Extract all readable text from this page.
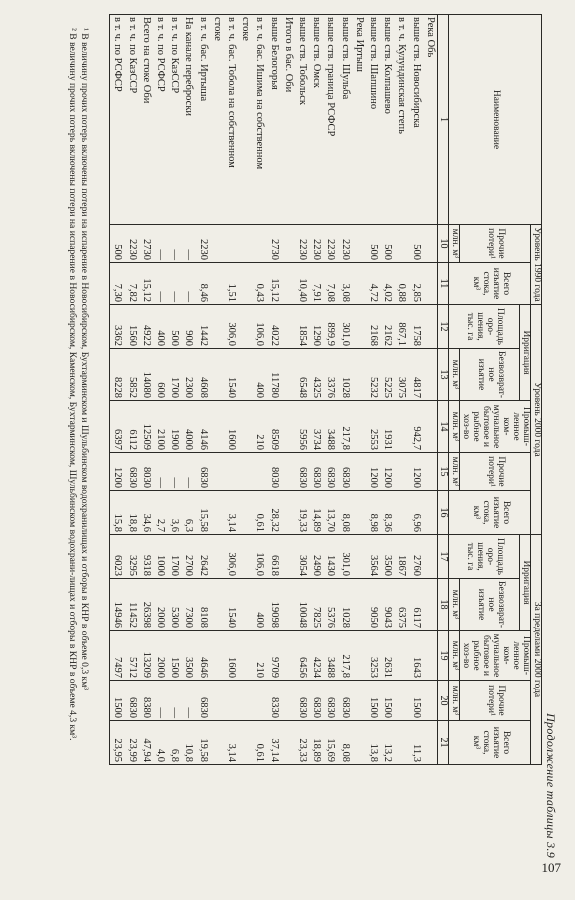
Продолжение таблицы 3.9
Наименование	Уровень 1990 года		Уровень 2000 года					За пределами 2000 года				
	Прочие потери¹	Всего изъятие стока, км³	Ирригация		Промыш-ленное ком-мунальное бытовое и рыбное хоз-во	Прочие потери¹	Всего изъятие стока, км³	Ирригация		Промыш-ленное ком-мунальное бытовое и рыбное хоз-во	Прочие потери¹	Всего изъятие стока, км³
			Площадь оро-шения, тыс. га	Безвозврат-ное изъятие				Площадь оро-шения, тыс. га	Безвозврат-ное изъятие			
	млн. м³			млн. м³	млн. м³	млн. м³			млн. м³	млн. м³	млн. м³	
1	10	11	12	13	14	15	16	17	18	19	20	21
Река Обь												
выше ств. Новосибирска	500	2,85	1758	4817	942,7	1200	6,96	2760	6117	1643	1500	11,3
в т. ч. Кулундинская степь		0,88	867,1	3075				1867	6375			
выше ств. Колпашево	500	4,02	2162	5225	1931	1200	8,36	3500	9043	2631	1500	13,2
выше ств. Шапшино	500	4,72	2168	5232	2553	1200	8,98	3564	9050	3253	1500	13,8
Река Иртыш												
выше ств. Шульба	2230	3,08	301,0	1028	217,8	6830	8,08	301,0	1028	217,8	6830	8,08
выше ств. граница РСФСР	2230	7,08	899,9	3376	3488	6830	13,70	1430	5376	3488	6830	15,69
выше ств. Омск	2230	7,91	1290	4325	3734	6830	14,89	2490	7825	4234	6830	18,89
выше ств. Тобольск	2230	10,40	1854	6548	5956	6830	19,33	3054	10048	6456	6830	23,33
Итого в бас. Оби												
выше Белогорья	2730	15,12	4022	11780	8509	8030	28,32	6618	19098	9709	8330	37,14
в т. ч. бас. Ишима на собственном		0,43	106,0	400	210		0,61	106,0	400	210		0,61
стоке												
в т. ч. бас. Тобола на собственном		1,51	306,0	1540	1600		3,14	306,0	1540	1600		3,14
стоке												
в т. ч. бас. Иртыша	2230	8,46	1442	4608	4146	6830	15,58	2642	8108	4646	6830	19,58
На канале переброски	—	—	900	2300	4000	—	6,3	2700	7300	3500	—	10,8
в т. ч. по КазССР	—	—	500	1700	1900	—	3,6	1700	5300	1500	—	6,8
в т. ч. по РСФСР	—	—	400	600	2100	—	2,7	1000	2000	2000	—	4,0
Всего на стоке Оби	2730	15,12	4922	14080	12509	8030	34,6	9318	26398	13209	8380	47,94
в т. ч. по КазССР	2230	7,82	1560	5852	6112	6830	18,8	3295	11452	5712	6830	23,99
в т. ч. по РСФСР	500	7,30	3362	8228	6397	1200	15,8	6023	14946	7497	1500	23,95
¹ В величину прочих потерь включены потери на испарение в Новосибирском, Бухтарминском и Шульбинском водохранилищах и отборы в КНР в объеме 0,3 км³
² В величину прочих потерь включены потери на испарение в Новосибирском, Каменском, Бухтарминском, Шульбинском водохрани-лищах и отборы в КНР в объеме 4,3 км³.
107
